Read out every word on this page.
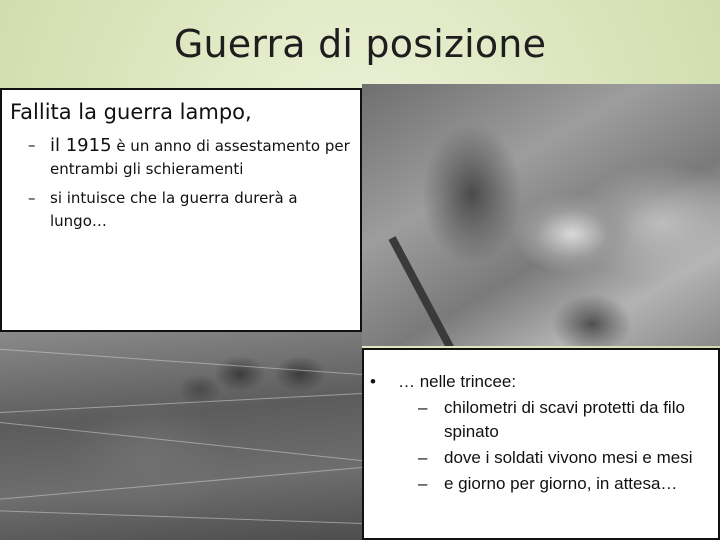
Guerra di posizione

Fallita la guerra lampo,

– il 1915 è un anno di assestamento per entrambi gli schieramenti
– si intuisce che la guerra durerà a lungo…
• … nelle trincee:
– chilometri di scavi protetti da filo spinato
– dove i soldati vivono mesi e mesi
– e giorno per giorno, in attesa…
